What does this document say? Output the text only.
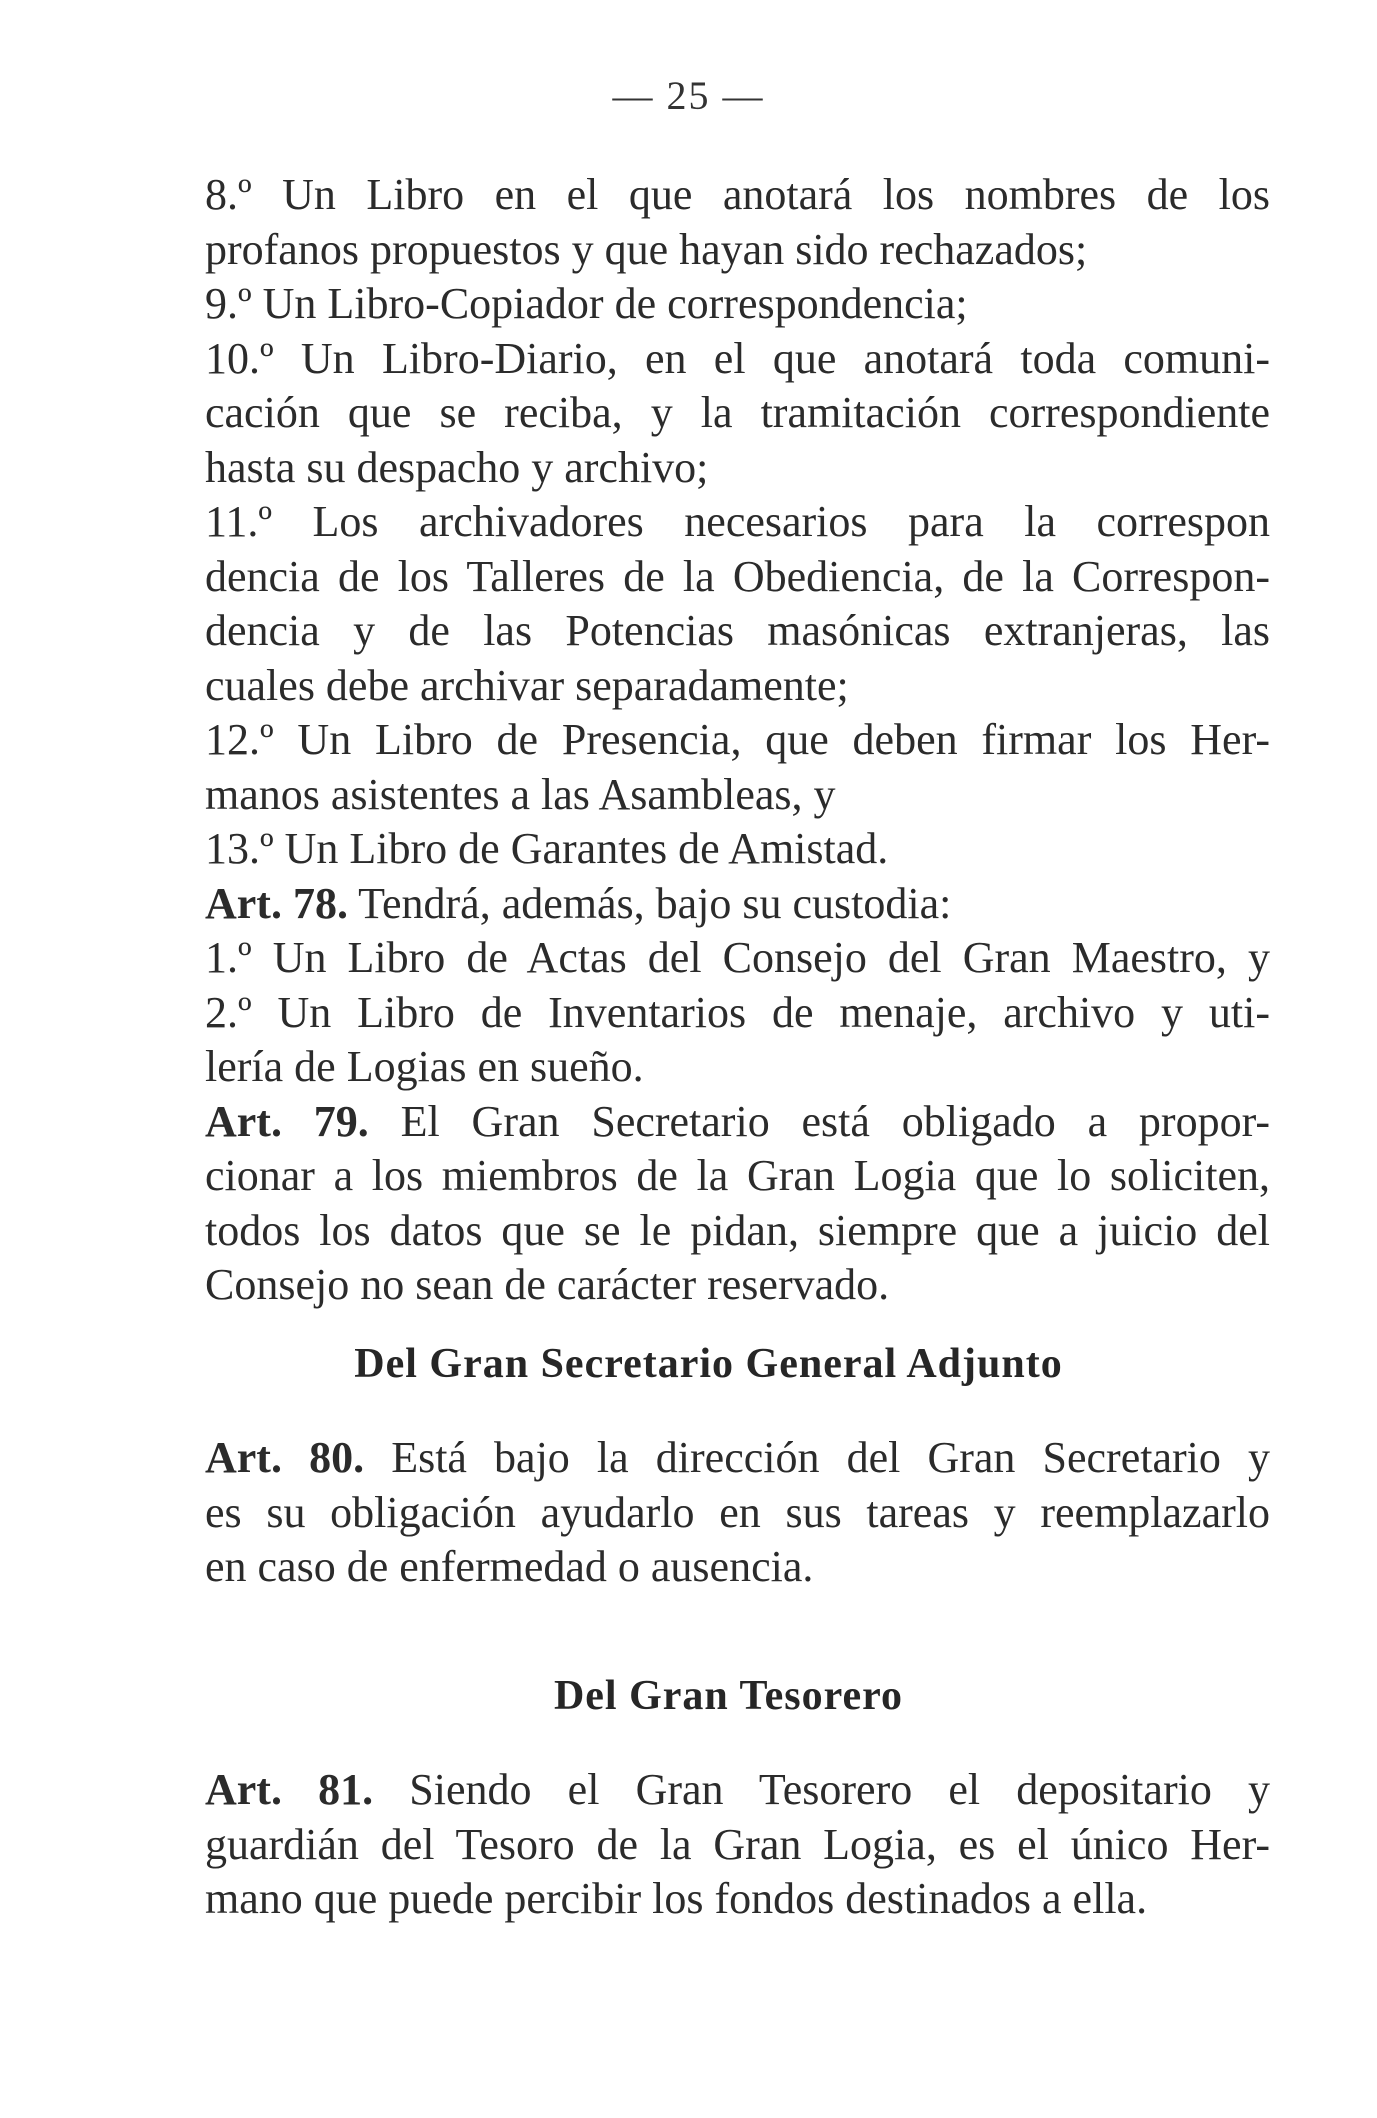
— 25 —
8.º Un Libro en el que anotará los nombres de los
profanos propuestos y que hayan sido rechazados;
9.º Un Libro-Copiador de correspondencia;
10.º Un Libro-Diario, en el que anotará toda comuni-
cación que se reciba, y la tramitación correspondiente
hasta su despacho y archivo;
11.º Los archivadores necesarios para la correspon
dencia de los Talleres de la Obediencia, de la Correspon-
dencia y de las Potencias masónicas extranjeras, las
cuales debe archivar separadamente;
12.º Un Libro de Presencia, que deben firmar los Her-
manos asistentes a las Asambleas, y
13.º Un Libro de Garantes de Amistad.
Art. 78. Tendrá, además, bajo su custodia:
1.º Un Libro de Actas del Consejo del Gran Maestro, y
2.º Un Libro de Inventarios de menaje, archivo y uti-
lería de Logias en sueño.
Art. 79. El Gran Secretario está obligado a propor-
cionar a los miembros de la Gran Logia que lo soliciten,
todos los datos que se le pidan, siempre que a juicio del
Consejo no sean de carácter reservado.
Del Gran Secretario General Adjunto
Art. 80. Está bajo la dirección del Gran Secretario y
es su obligación ayudarlo en sus tareas y reemplazarlo
en caso de enfermedad o ausencia.
Del Gran Tesorero
Art. 81. Siendo el Gran Tesorero el depositario y
guardián del Tesoro de la Gran Logia, es el único Her-
mano que puede percibir los fondos destinados a ella.
